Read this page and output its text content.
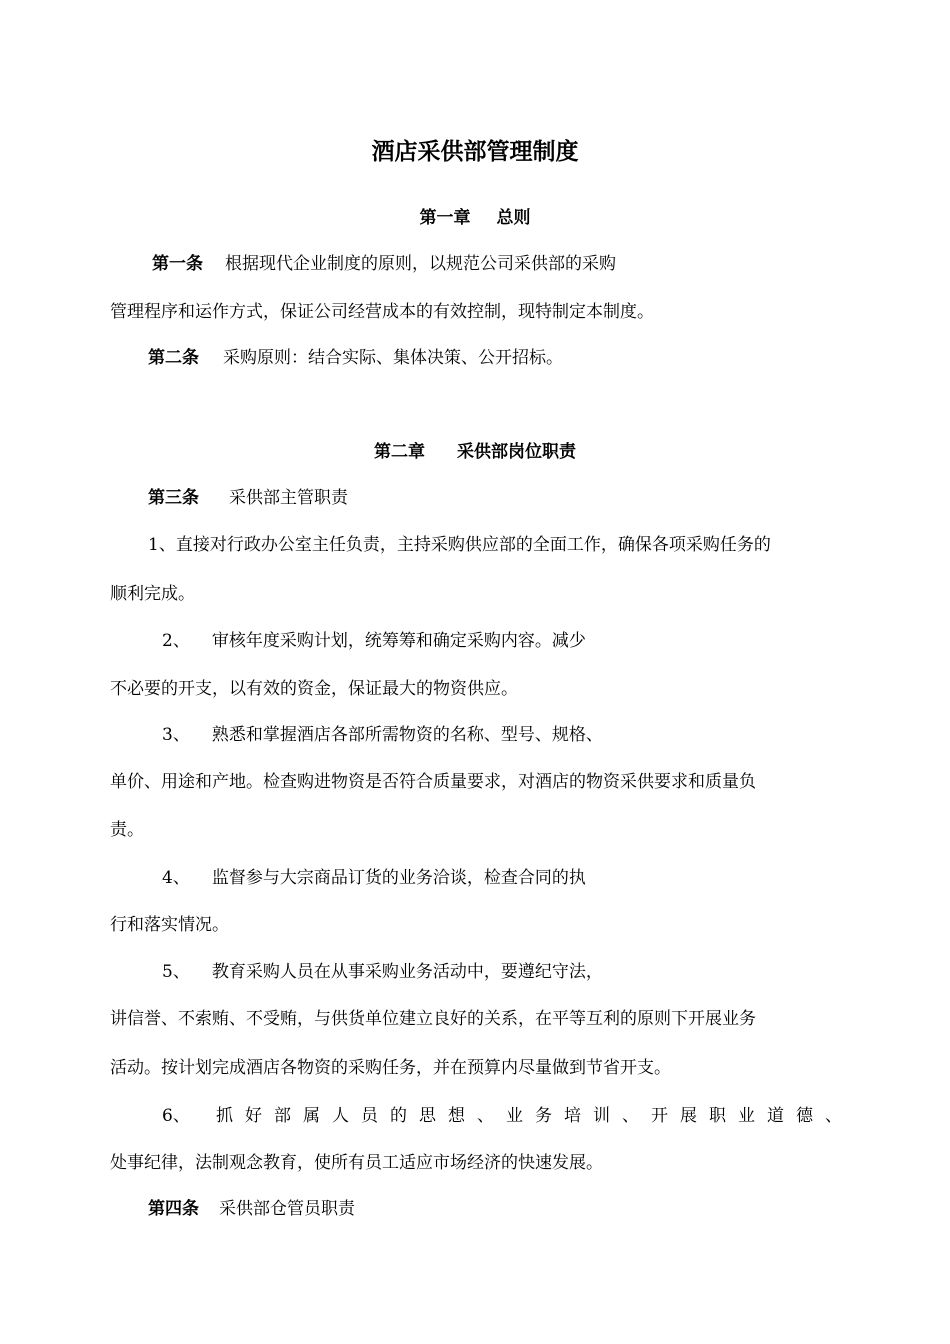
酒店采供部管理制度
第一章 总则
第一条 根据现代企业制度的原则，以规范公司采供部的采购
管理程序和运作方式，保证公司经营成本的有效控制，现特制定本制度。
第二条 采购原则：结合实际、集体决策、公开招标。
第二章 采供部岗位职责
第三条 采供部主管职责
1、直接对行政办公室主任负责，主持采购供应部的全面工作，确保各项采购任务的
顺利完成。
2、 审核年度采购计划，统筹筹和确定采购内容。减少
不必要的开支，以有效的资金，保证最大的物资供应。
3、 熟悉和掌握酒店各部所需物资的名称、型号、规格、
单价、用途和产地。检查购进物资是否符合质量要求，对酒店的物资采供要求和质量负
责。
4、 监督参与大宗商品订货的业务洽谈，检查合同的执
行和落实情况。
5、 教育采购人员在从事采购业务活动中，要遵纪守法，
讲信誉、不索贿、不受贿，与供货单位建立良好的关系，在平等互利的原则下开展业务
活动。按计划完成酒店各物资的采购任务，并在预算内尽量做到节省开支。
6、 抓 好 部 属 人 员 的 思 想 、 业 务 培 训 、 开 展 职 业 道 德 、
处事纪律，法制观念教育，使所有员工适应市场经济的快速发展。
第四条 采供部仓管员职责
